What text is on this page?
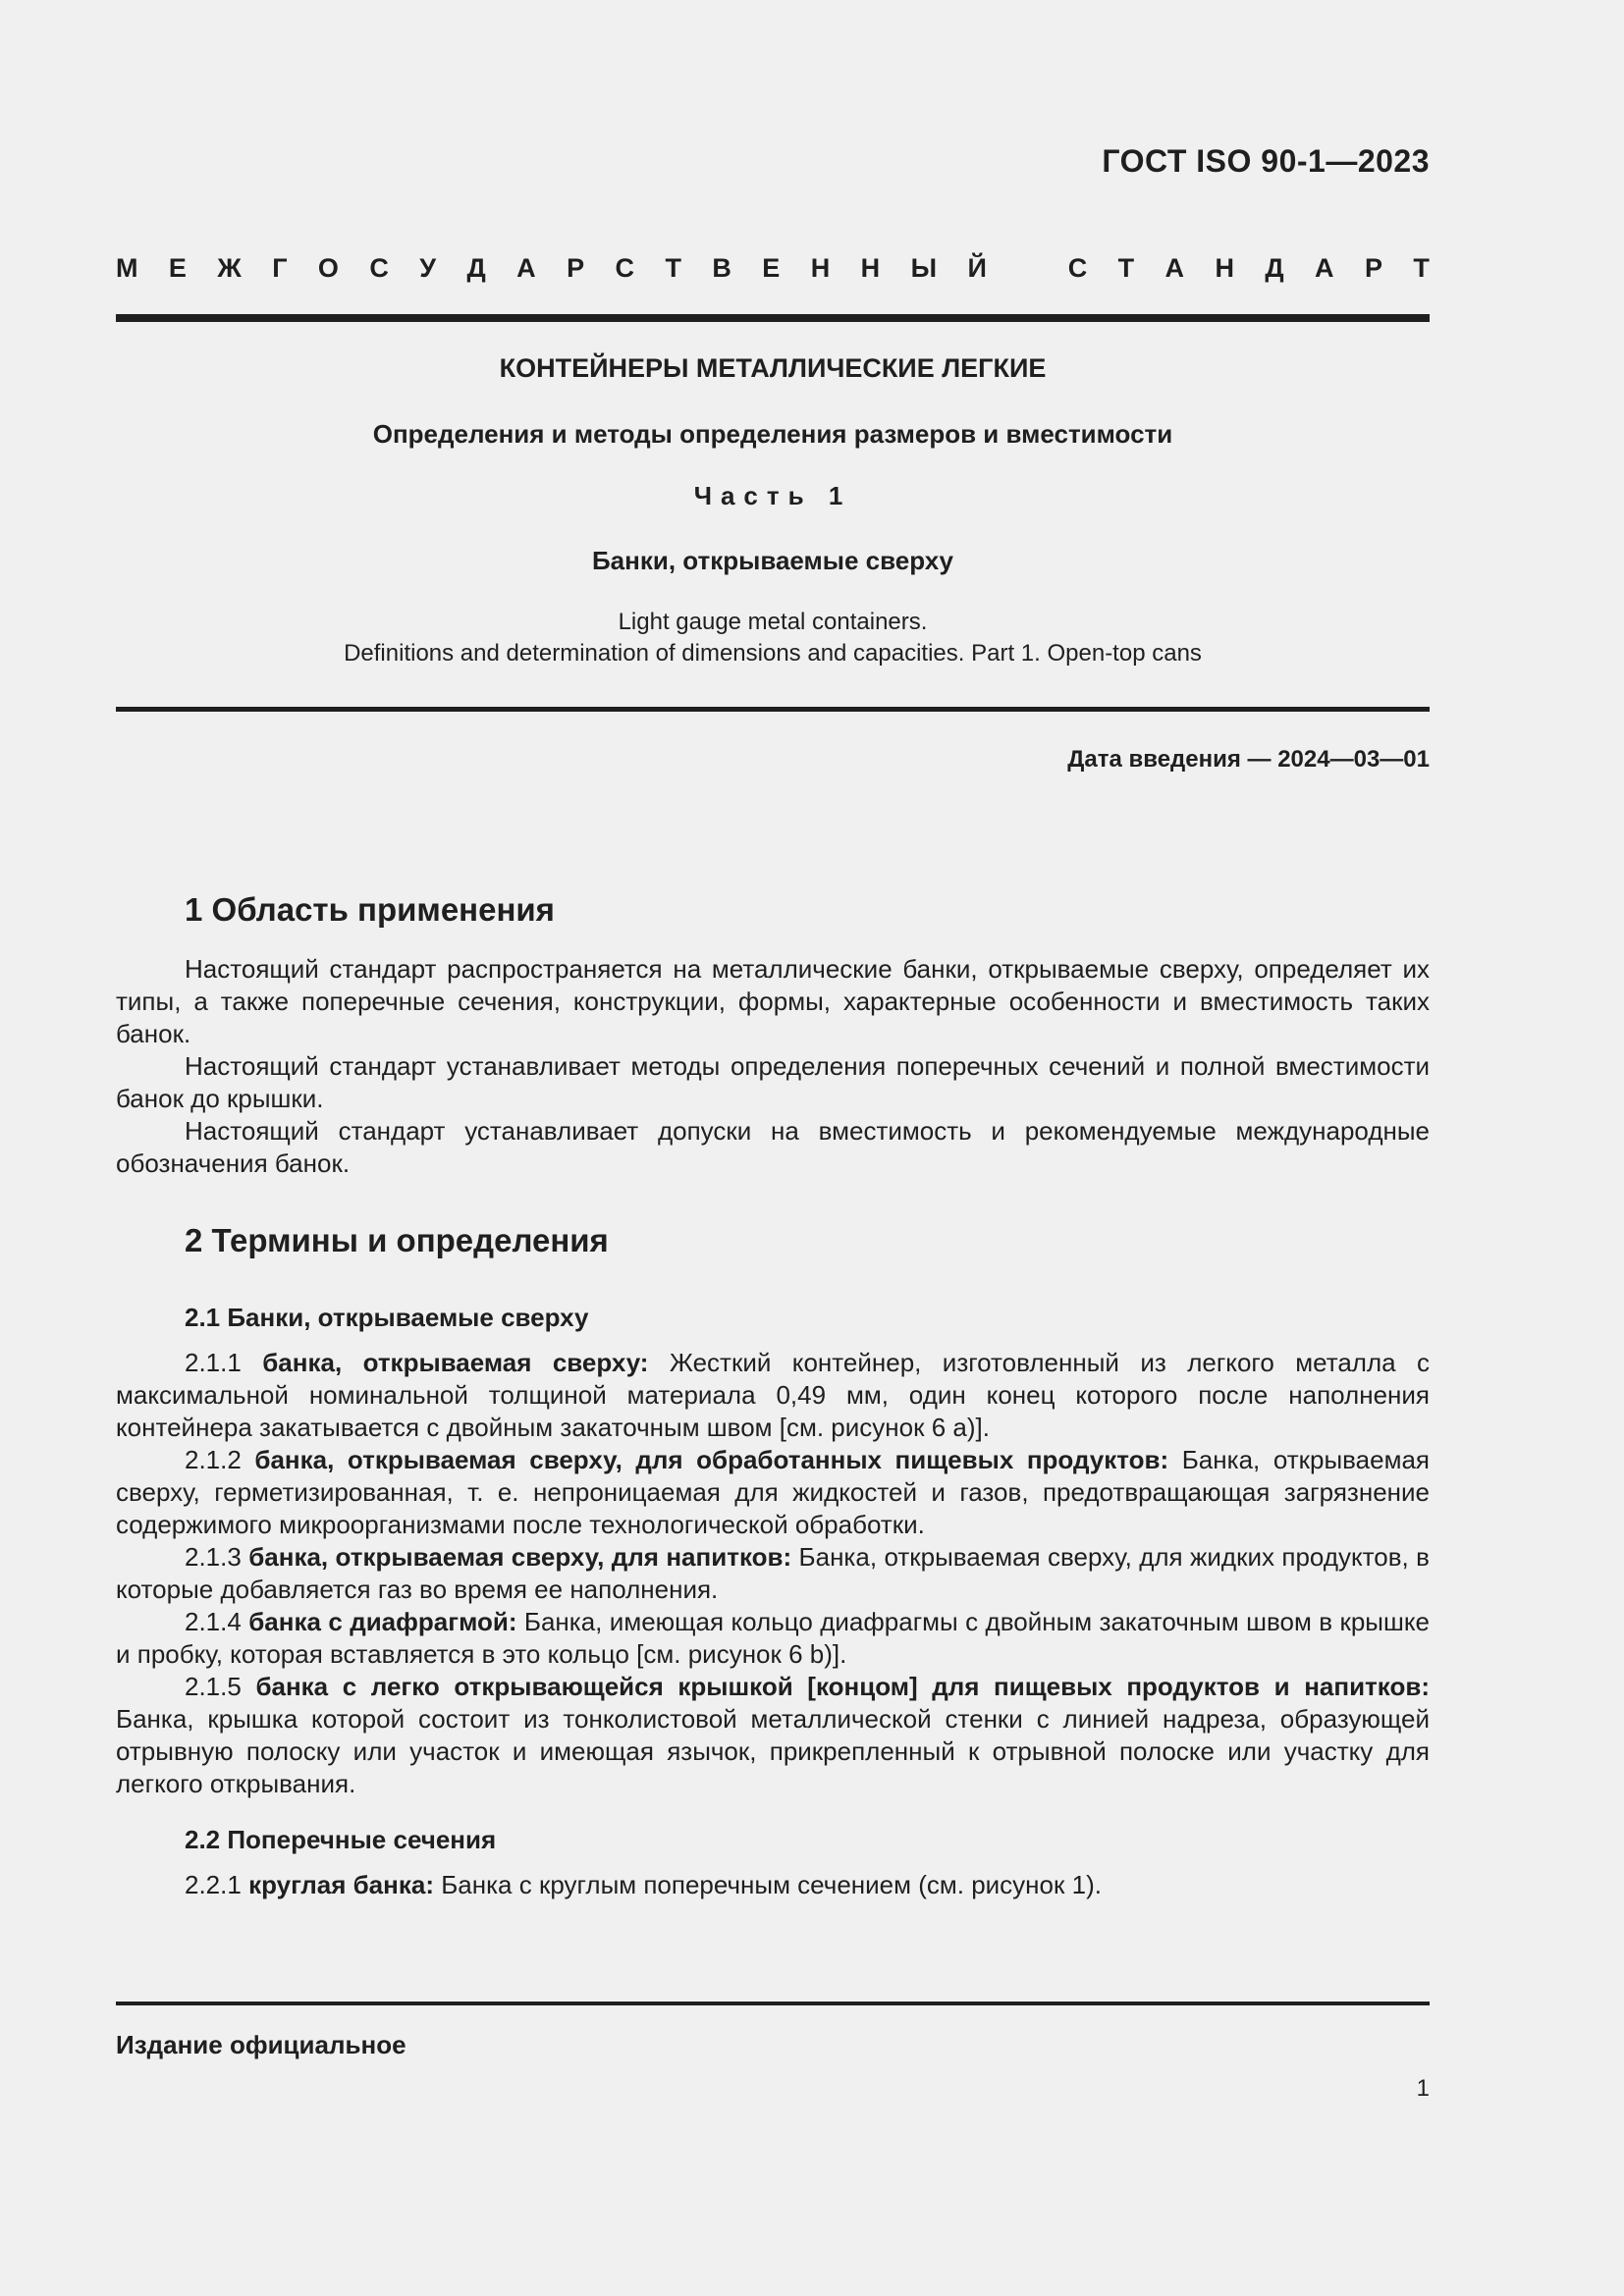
ГОСТ ISO 90-1—2023
М Е Ж Г О С У Д А Р С Т В Е Н Н Ы Й	С Т А Н Д А Р Т
КОНТЕЙНЕРЫ МЕТАЛЛИЧЕСКИЕ ЛЕГКИЕ
Определения и методы определения размеров и вместимости
Часть 1
Банки, открываемые сверху
Light gauge metal containers.
Definitions and determination of dimensions and capacities. Part 1. Open-top cans
Дата введения — 2024—03—01
1 Область применения

Настоящий стандарт распространяется на металлические банки, открываемые сверху, определяет их типы, а также поперечные сечения, конструкции, формы, характерные особенности и вместимость таких банок.

Настоящий стандарт устанавливает методы определения поперечных сечений и полной вместимости банок до крышки.

Настоящий стандарт устанавливает допуски на вместимость и рекомендуемые международные обозначения банок.

2 Термины и определения
2.1 Банки, открываемые сверху

2.1.1 банка, открываемая сверху: Жесткий контейнер, изготовленный из легкого металла с максимальной номинальной толщиной материала 0,49 мм, один конец которого после наполнения контейнера закатывается с двойным закаточным швом [см. рисунок 6 a)].

2.1.2 банка, открываемая сверху, для обработанных пищевых продуктов: Банка, открываемая сверху, герметизированная, т. е. непроницаемая для жидкостей и газов, предотвращающая загрязнение содержимого микроорганизмами после технологической обработки.

2.1.3 банка, открываемая сверху, для напитков: Банка, открываемая сверху, для жидких продуктов, в которые добавляется газ во время ее наполнения.

2.1.4 банка с диафрагмой: Банка, имеющая кольцо диафрагмы с двойным закаточным швом в крышке и пробку, которая вставляется в это кольцо [см. рисунок 6 b)].

2.1.5 банка с легко открывающейся крышкой [концом] для пищевых продуктов и напитков: Банка, крышка которой состоит из тонколистовой металлической стенки с линией надреза, образующей отрывную полоску или участок и имеющая язычок, прикрепленный к отрывной полоске или участку для легкого открывания.

2.2 Поперечные сечения

2.2.1 круглая банка: Банка с круглым поперечным сечением (см. рисунок 1).

Издание официальное
1
